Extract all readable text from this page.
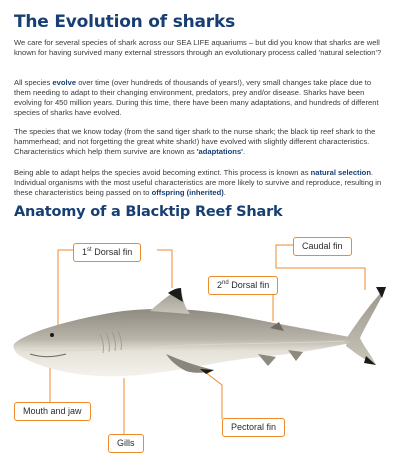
The Evolution of sharks

We care for several species of shark across our SEA LIFE aquariums – but did you know that sharks are well known for having survived many external stressors through an evolutionary process called 'natural selection'?

All species evolve over time (over hundreds of thousands of years!), very small changes take place due to them needing to adapt to their changing environment, predators, prey and/or disease. Sharks have been evolving for 450 million years. During this time, there have been many adaptations, and hundreds of different species of sharks have evolved.

The species that we know today (from the sand tiger shark to the nurse shark; the black tip reef shark to the hammerhead; and not forgetting the great white shark!) have evolved with slightly different characteristics. Characteristics which help them survive are known as 'adaptations'.

Being able to adapt helps the species avoid becoming extinct. This process is known as natural selection. Individual organisms with the most useful characteristics are more likely to survive and reproduce, resulting in these characteristics being passed on to offspring (inherited).

Anatomy of a Blacktip Reef Shark
1st Dorsal fin
Caudal fin
2nd Dorsal fin
Mouth and jaw
Pectoral fin
Gills
